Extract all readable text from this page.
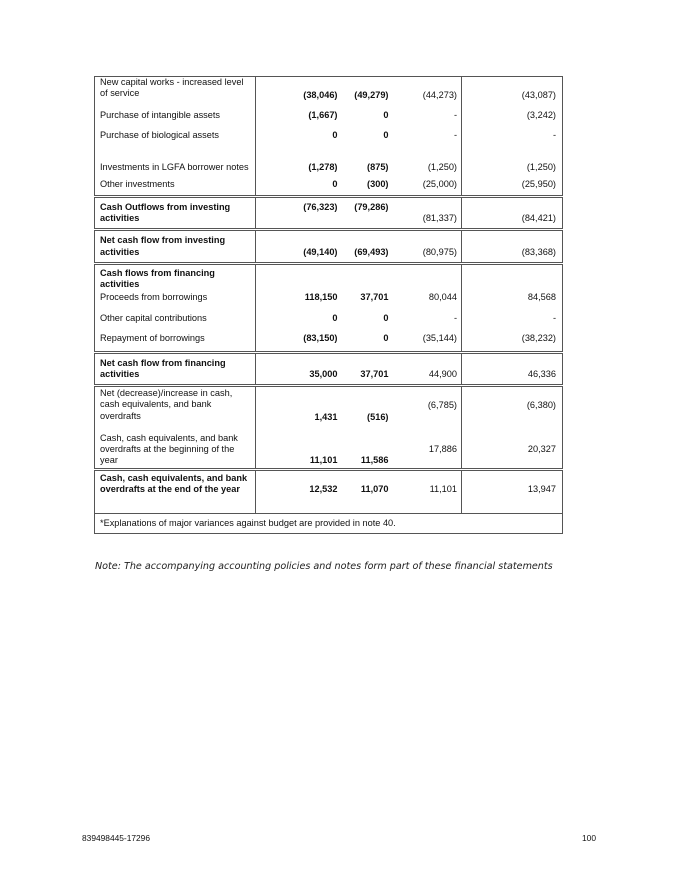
New capital works - increased level of service		(38,046)	(49,279)	(44,273)	(43,087)
Purchase of intangible assets		(1,667)	0	-	(3,242)
Purchase of biological assets		0	0	-	-
Investments in LGFA borrower notes		(1,278)	(875)	(1,250)	(1,250)
Other investments		0	(300)	(25,000)	(25,950)
Cash Outflows from investing activities		(76,323)	(79,286)	(81,337)	(84,421)
Net cash flow from investing activities		(49,140)	(69,493)	(80,975)	(83,368)
Cash flows from financing activities					
Proceeds from borrowings		118,150	37,701	80,044	84,568
Other capital contributions		0	0	-	-
Repayment of borrowings		(83,150)	0	(35,144)	(38,232)
Net cash flow from financing activities		35,000	37,701	44,900	46,336
Net (decrease)/increase in cash, cash equivalents, and bank overdrafts		1,431	(516)	(6,785)	(6,380)
Cash, cash equivalents, and bank overdrafts at the beginning of the year		11,101	11,586	17,886	20,327
Cash, cash equivalents, and bank overdrafts at the end of the year		12,532	11,070	11,101	13,947
*Explanations of major variances against budget are provided in note 40.					
Note: The accompanying accounting policies and notes form part of these financial statements
839498445-17296	100
